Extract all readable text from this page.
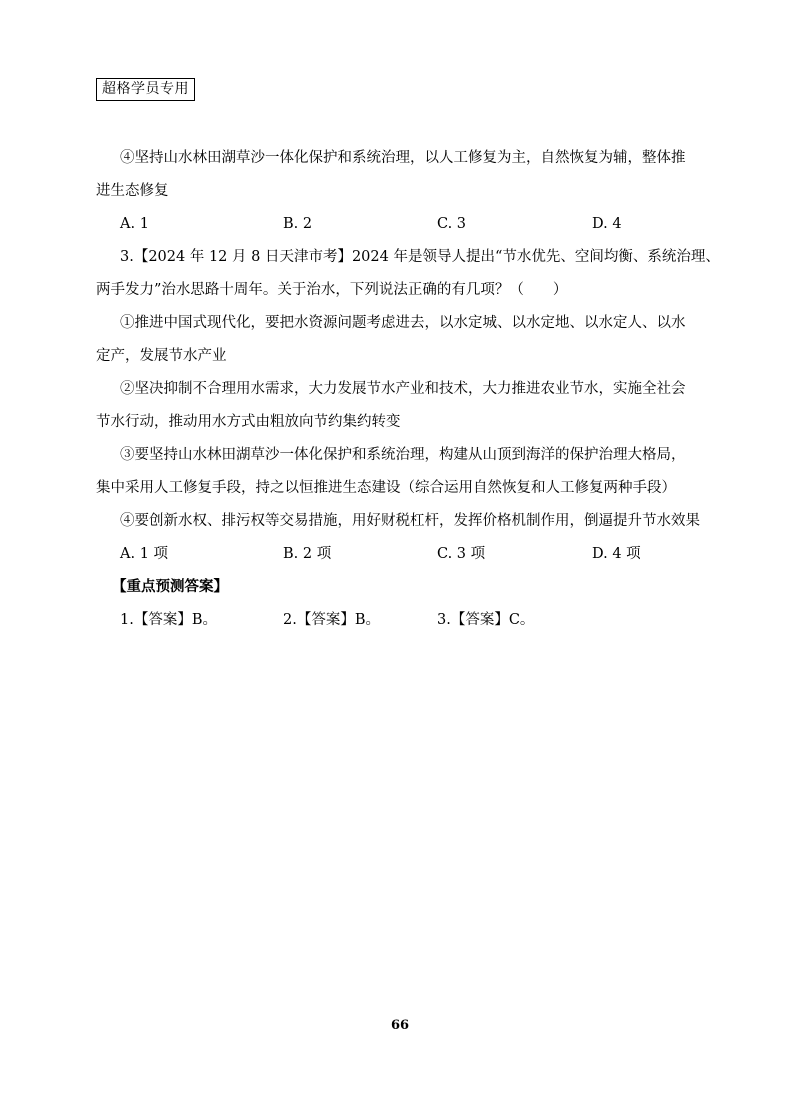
超格学员专用
④坚持山水林田湖草沙一体化保护和系统治理，以人工修复为主，自然恢复为辅，整体推
进生态修复
A. 1	B. 2	C. 3	D. 4
3.【2024 年 12 月 8 日天津市考】2024 年是领导人提出“节水优先、空间均衡、系统治理、
两手发力”治水思路十周年。关于治水，下列说法正确的有几项？（　　）
①推进中国式现代化，要把水资源问题考虑进去，以水定城、以水定地、以水定人、以水
定产，发展节水产业
②坚决抑制不合理用水需求，大力发展节水产业和技术，大力推进农业节水，实施全社会
节水行动，推动用水方式由粗放向节约集约转变
③要坚持山水林田湖草沙一体化保护和系统治理，构建从山顶到海洋的保护治理大格局，
集中采用人工修复手段，持之以恒推进生态建设（综合运用自然恢复和人工修复两种手段）
④要创新水权、排污权等交易措施，用好财税杠杆，发挥价格机制作用，倒逼提升节水效果
A. 1 项	B. 2 项	C. 3 项	D. 4 项
【重点预测答案】
1.【答案】B。	2.【答案】B。	3.【答案】C。
66
